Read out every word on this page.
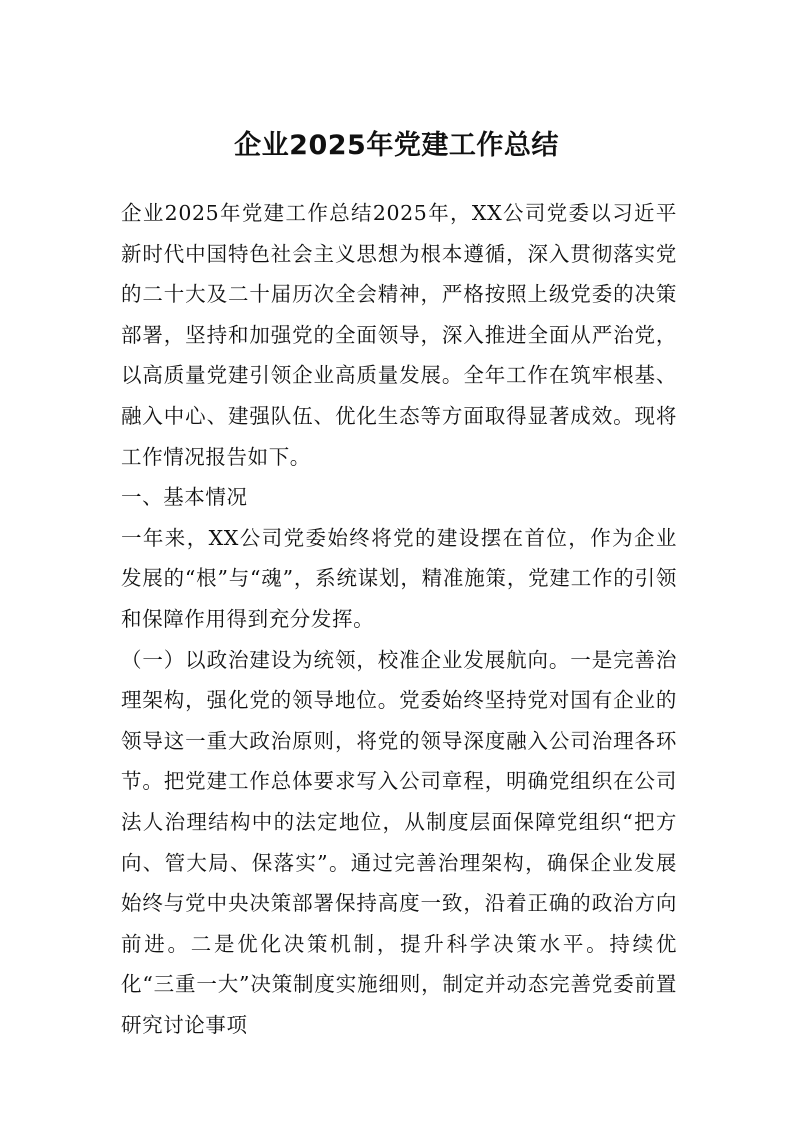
企业2025年党建工作总结

企业2025年党建工作总结2025年，XX公司党委以习近平新时代中国特色社会主义思想为根本遵循，深入贯彻落实党的二十大及二十届历次全会精神，严格按照上级党委的决策部署，坚持和加强党的全面领导，深入推进全面从严治党，以高质量党建引领企业高质量发展。全年工作在筑牢根基、融入中心、建强队伍、优化生态等方面取得显著成效。现将工作情况报告如下。

一、基本情况

一年来，XX公司党委始终将党的建设摆在首位，作为企业发展的“根”与“魂”，系统谋划，精准施策，党建工作的引领和保障作用得到充分发挥。

（一）以政治建设为统领，校准企业发展航向。一是完善治理架构，强化党的领导地位。党委始终坚持党对国有企业的领导这一重大政治原则，将党的领导深度融入公司治理各环节。把党建工作总体要求写入公司章程，明确党组织在公司法人治理结构中的法定地位，从制度层面保障党组织“把方向、管大局、保落实”。通过完善治理架构，确保企业发展始终与党中央决策部署保持高度一致，沿着正确的政治方向前进。二是优化决策机制，提升科学决策水平。持续优化“三重一大”决策制度实施细则，制定并动态完善党委前置研究讨论事项
